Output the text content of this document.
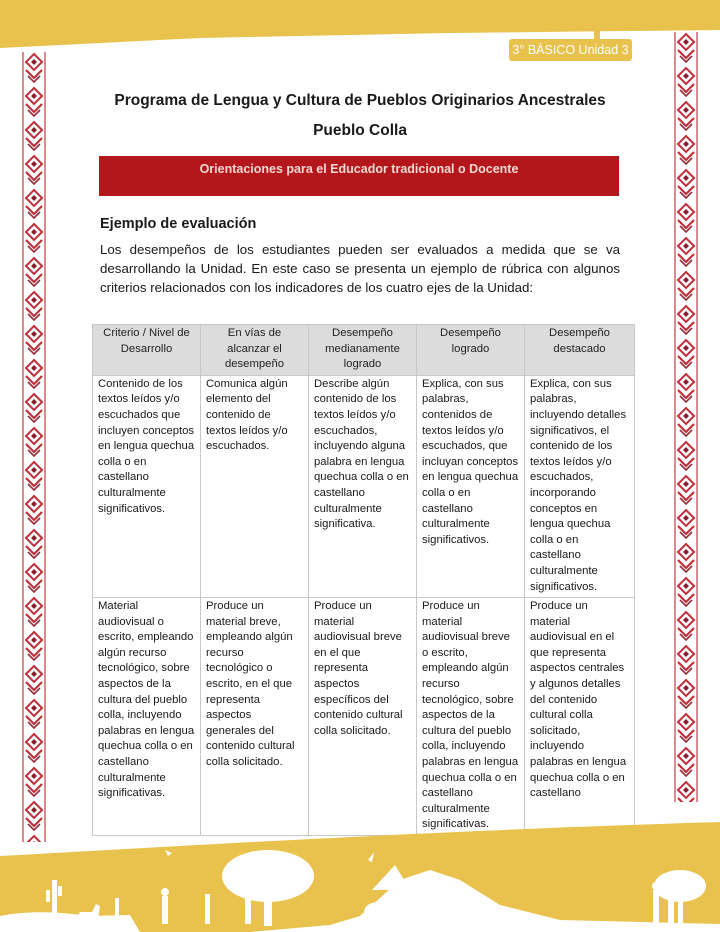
3° BÁSICO Unidad 3
Programa de Lengua y Cultura de Pueblos Originarios Ancestrales
Pueblo Colla
Orientaciones para el Educador tradicional o Docente
Ejemplo de evaluación
Los desempeños de los estudiantes pueden ser evaluados a medida que se va desarrollando la Unidad. En este caso se presenta un ejemplo de rúbrica con algunos criterios relacionados con los indicadores de los cuatro ejes de la Unidad:
Criterio / Nivel de Desarrollo	En vías de alcanzar el desempeño	Desempeño medianamente logrado	Desempeño logrado	Desempeño destacado
Contenido de los textos leídos y/o escuchados que incluyen conceptos en lengua quechua colla o en castellano culturalmente significativos.	Comunica algún elemento del contenido de textos leídos y/o escuchados.	Describe algún contenido de los textos leídos y/o escuchados, incluyendo alguna palabra en lengua quechua colla o en castellano culturalmente significativa.	Explica, con sus palabras, contenidos de textos leídos y/o escuchados, que incluyan conceptos en lengua quechua colla o en castellano culturalmente significativos.	Explica, con sus palabras, incluyendo detalles significativos, el contenido de los textos leídos y/o escuchados, incorporando conceptos en lengua quechua colla o en castellano culturalmente significativos.
Material audiovisual o escrito, empleando algún recurso tecnológico, sobre aspectos de la cultura del pueblo colla, incluyendo palabras en lengua quechua colla o en castellano culturalmente significativas.	Produce un material breve, empleando algún recurso tecnológico o escrito, en el que representa aspectos generales del contenido cultural colla solicitado.	Produce un material audiovisual breve en el que representa aspectos específicos del contenido cultural colla solicitado.	Produce un material audiovisual breve o escrito, empleando algún recurso tecnológico, sobre aspectos de la cultura del pueblo colla, incluyendo palabras en lengua quechua colla o en castellano culturalmente significativas.	Produce un material audiovisual en el que representa aspectos centrales y algunos detalles del contenido cultural colla solicitado, incluyendo palabras en lengua quechua colla o en castellano
